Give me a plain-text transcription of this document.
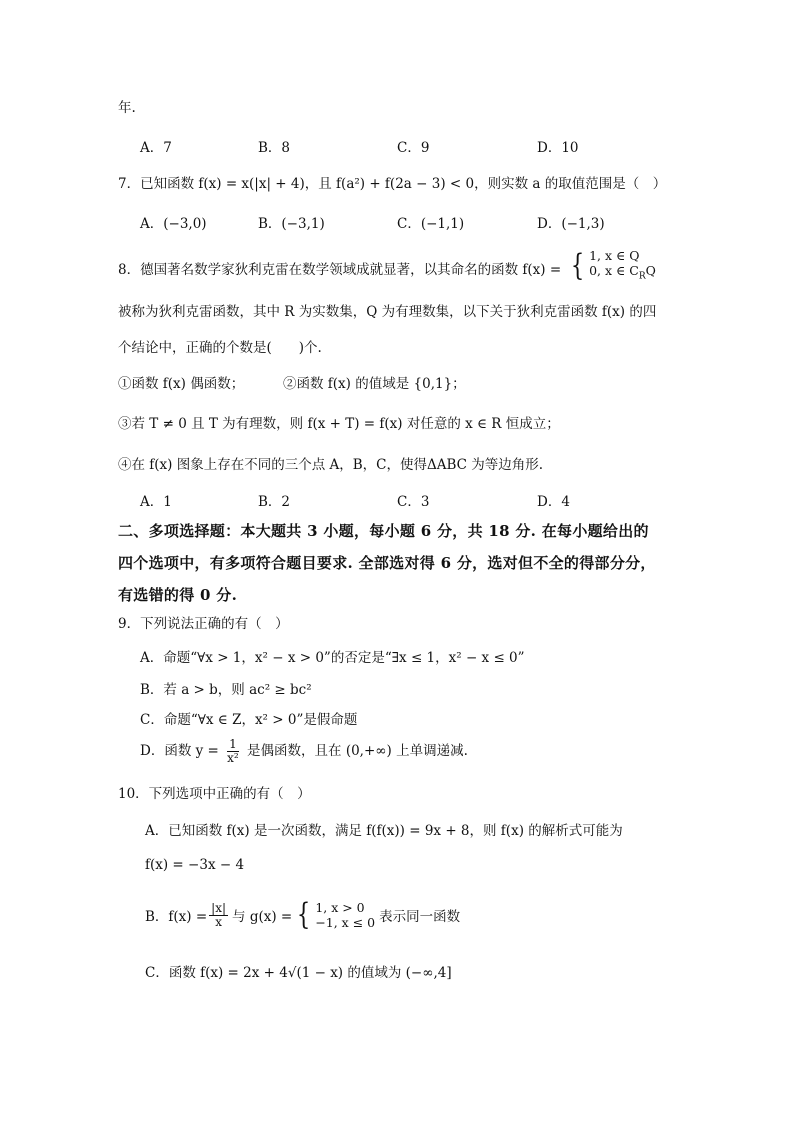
年.
A．7	B．8	C．9	D．10
7．已知函数 f(x) = x(|x| + 4)，且 f(a²) + f(2a − 3) < 0，则实数 a 的取值范围是（　）
A．(−3,0)	B．(−3,1)	C．(−1,1)	D．(−1,3)
8．德国著名数学家狄利克雷在数学领域成就显著，以其命名的函数 f(x) = { 1, x ∈ Q
0, x ∈ $C_RQ$
被称为狄利克雷函数，其中 R 为实数集，Q 为有理数集，以下关于狄利克雷函数 f(x) 的四
个结论中，正确的个数是(　　)个.
①函数 f(x) 偶函数；	②函数 f(x) 的值域是 {0,1}；
③若 T ≠ 0 且 T 为有理数，则 f(x + T) = f(x) 对任意的 x ∈ R 恒成立；
④在 f(x) 图象上存在不同的三个点 A，B，C，使得ΔABC 为等边角形.
A．1	B．2	C．3	D．4
二、多项选择题：本大题共 3 小题，每小题 6 分，共 18 分. 在每小题给出的
四个选项中，有多项符合题目要求. 全部选对得 6 分，选对但不全的得部分分，
有选错的得 0 分.
9．下列说法正确的有（　）
A．命题“∀x > 1，x² − x > 0”的否定是“∃x ≤ 1，x² − x ≤ 0”
B．若 a > b，则 ac² ≥ bc²
C．命题“∀x ∈ Z，x² > 0”是假命题
D．函数 $y = \frac{1}{\text{x²}}$ 是偶函数，且在 (0,+∞) 上单调递减.
10．下列选项中正确的有（　）
A．已知函数 f(x) 是一次函数，满足 f(f(x)) = 9x + 8，则 f(x) 的解析式可能为
f(x) = −3x − 4
B．$f(x) = \frac{|x|}{x}$ 与 g(x) = { 1, x > 0
−1, x ≤ 0 表示同一函数
C．函数 f(x) = 2x + 4√(1 − x) 的值域为 (−∞,4]
